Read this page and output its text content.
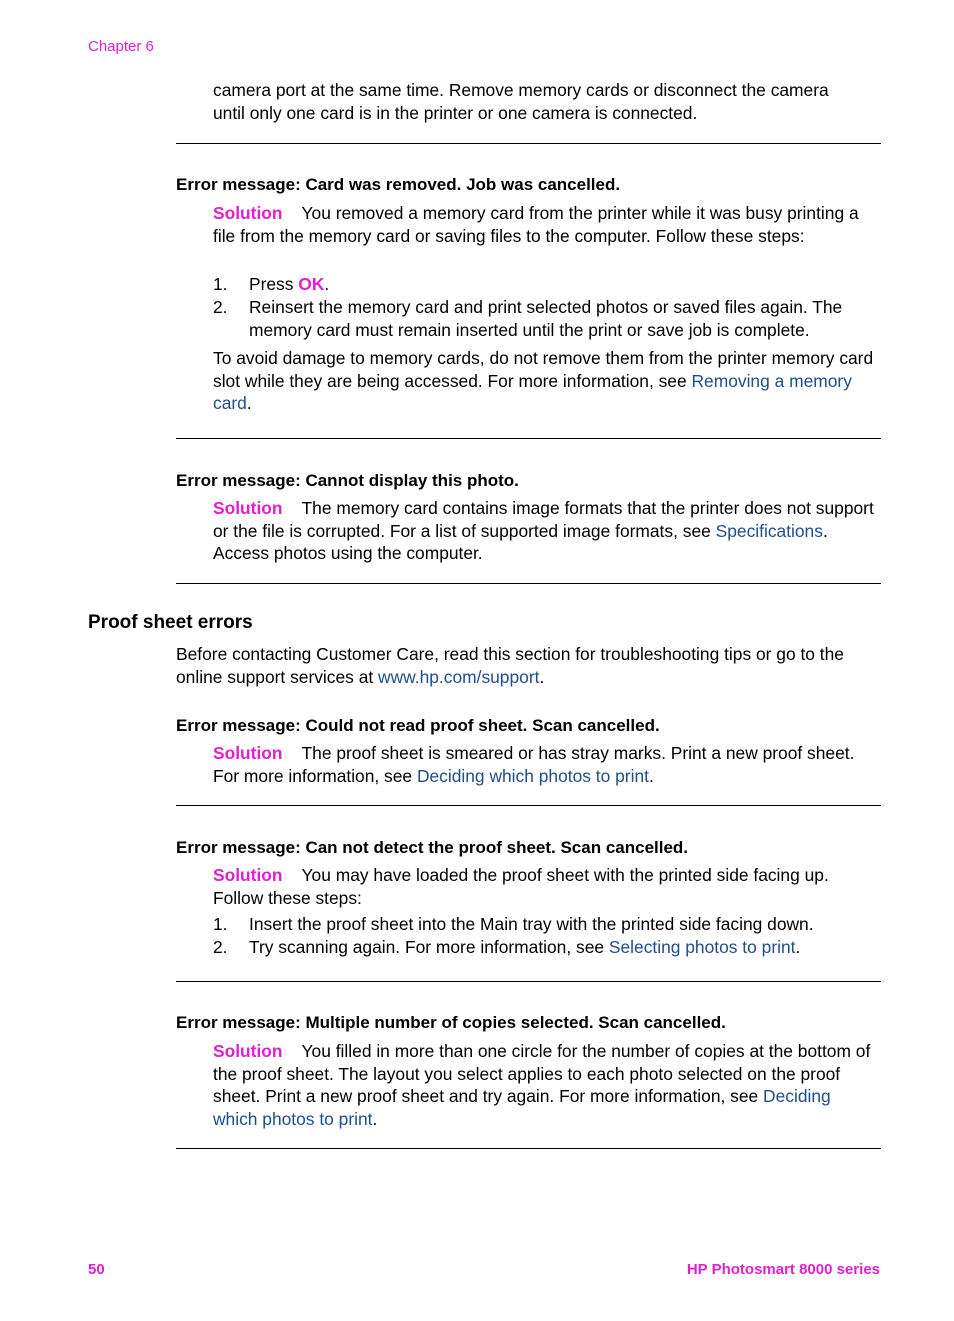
Chapter 6
camera port at the same time. Remove memory cards or disconnect the camera
until only one card is in the printer or one camera is connected.
Error message: Card was removed. Job was cancelled.
Solution You removed a memory card from the printer while it was busy printing a file from the memory card or saving files to the computer. Follow these steps:
1. Press OK.
2. Reinsert the memory card and print selected photos or saved files again. The memory card must remain inserted until the print or save job is complete.
To avoid damage to memory cards, do not remove them from the printer memory card slot while they are being accessed. For more information, see Removing a memory card.
Error message: Cannot display this photo.
Solution The memory card contains image formats that the printer does not support or the file is corrupted. For a list of supported image formats, see Specifications. Access photos using the computer.
Proof sheet errors
Before contacting Customer Care, read this section for troubleshooting tips or go to the online support services at www.hp.com/support.
Error message: Could not read proof sheet. Scan cancelled.
Solution The proof sheet is smeared or has stray marks. Print a new proof sheet. For more information, see Deciding which photos to print.
Error message: Can not detect the proof sheet. Scan cancelled.
Solution You may have loaded the proof sheet with the printed side facing up. Follow these steps:
1. Insert the proof sheet into the Main tray with the printed side facing down.
2. Try scanning again. For more information, see Selecting photos to print.
Error message: Multiple number of copies selected. Scan cancelled.
Solution You filled in more than one circle for the number of copies at the bottom of the proof sheet. The layout you select applies to each photo selected on the proof sheet. Print a new proof sheet and try again. For more information, see Deciding which photos to print.
50	HP Photosmart 8000 series
